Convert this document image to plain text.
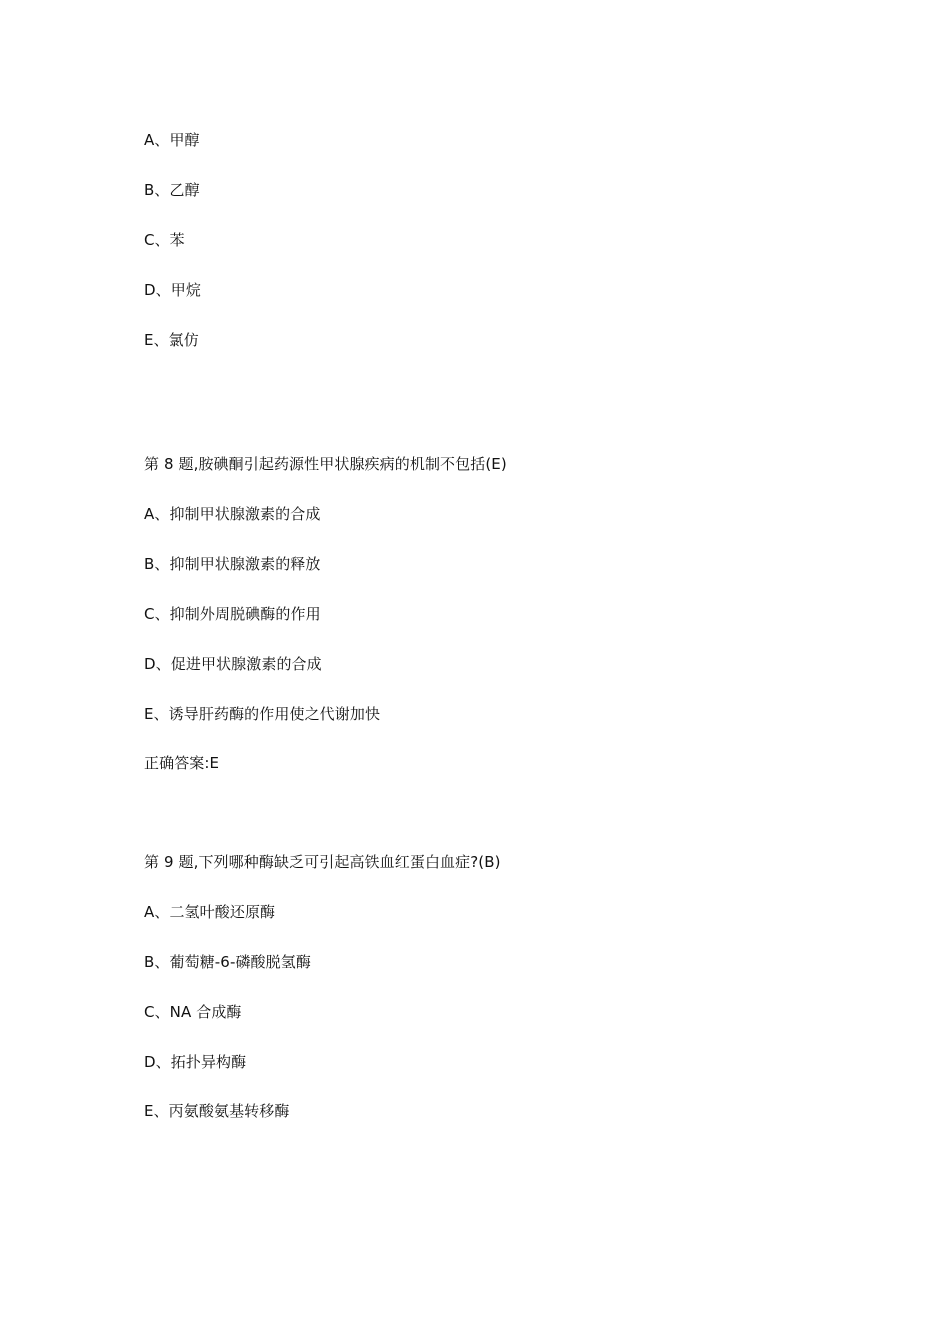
A、甲醇
B、乙醇
C、苯
D、甲烷
E、氯仿
第 8 题,胺碘酮引起药源性甲状腺疾病的机制不包括(E)
A、抑制甲状腺激素的合成
B、抑制甲状腺激素的释放
C、抑制外周脱碘酶的作用
D、促进甲状腺激素的合成
E、诱导肝药酶的作用使之代谢加快
正确答案:E
第 9 题,下列哪种酶缺乏可引起高铁血红蛋白血症?(B)
A、二氢叶酸还原酶
B、葡萄糖-6-磷酸脱氢酶
C、NA 合成酶
D、拓扑异构酶
E、丙氨酸氨基转移酶
